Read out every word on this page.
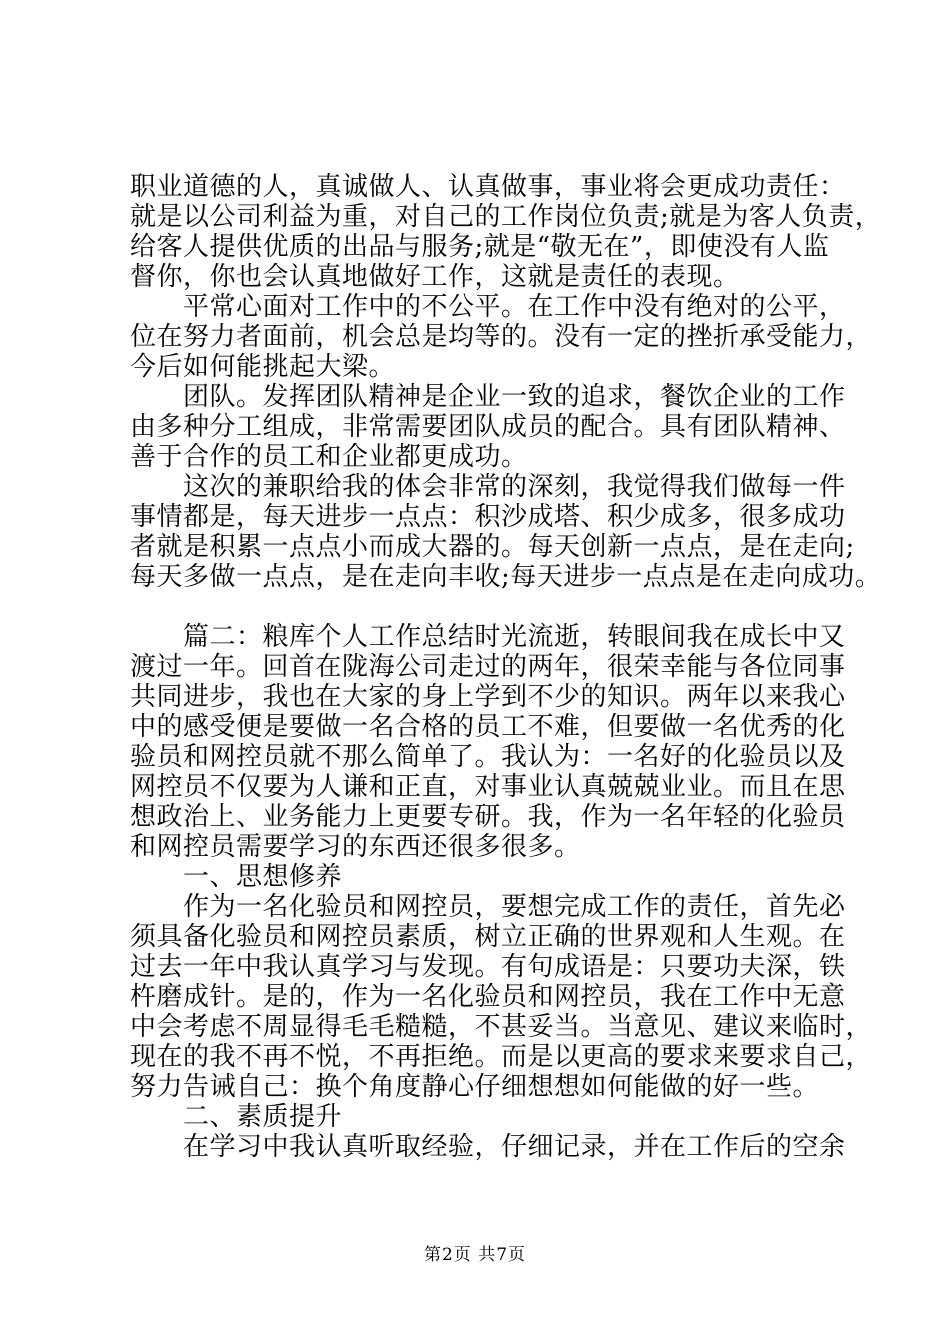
职业道德的人，真诚做人、认真做事，事业将会更成功责任：
就是以公司利益为重，对自己的工作岗位负责;就是为客人负责，
给客人提供优质的出品与服务;就是“敬无在”，即使没有人监
督你，你也会认真地做好工作，这就是责任的表现。
　　平常心面对工作中的不公平。在工作中没有绝对的公平，
位在努力者面前，机会总是均等的。没有一定的挫折承受能力，
今后如何能挑起大梁。
　　团队。发挥团队精神是企业一致的追求，餐饮企业的工作
由多种分工组成，非常需要团队成员的配合。具有团队精神、
善于合作的员工和企业都更成功。
　　这次的兼职给我的体会非常的深刻，我觉得我们做每一件
事情都是，每天进步一点点：积沙成塔、积少成多，很多成功
者就是积累一点点小而成大器的。每天创新一点点，是在走向;
每天多做一点点，是在走向丰收;每天进步一点点是在走向成功。
　　篇二：粮库个人工作总结时光流逝，转眼间我在成长中又
渡过一年。回首在陇海公司走过的两年，很荣幸能与各位同事
共同进步，我也在大家的身上学到不少的知识。两年以来我心
中的感受便是要做一名合格的员工不难，但要做一名优秀的化
验员和网控员就不那么简单了。我认为：一名好的化验员以及
网控员不仅要为人谦和正直，对事业认真兢兢业业。而且在思
想政治上、业务能力上更要专研。我，作为一名年轻的化验员
和网控员需要学习的东西还很多很多。
　　一、思想修养
　　作为一名化验员和网控员，要想完成工作的责任，首先必
须具备化验员和网控员素质，树立正确的世界观和人生观。在
过去一年中我认真学习与发现。有句成语是：只要功夫深，铁
杵磨成针。是的，作为一名化验员和网控员，我在工作中无意
中会考虑不周显得毛毛糙糙，不甚妥当。当意见、建议来临时，
现在的我不再不悦，不再拒绝。而是以更高的要求来要求自己，
努力告诫自己：换个角度静心仔细想想如何能做的好一些。
　　二、素质提升
　　在学习中我认真听取经验，仔细记录，并在工作后的空余
第2页 共7页
